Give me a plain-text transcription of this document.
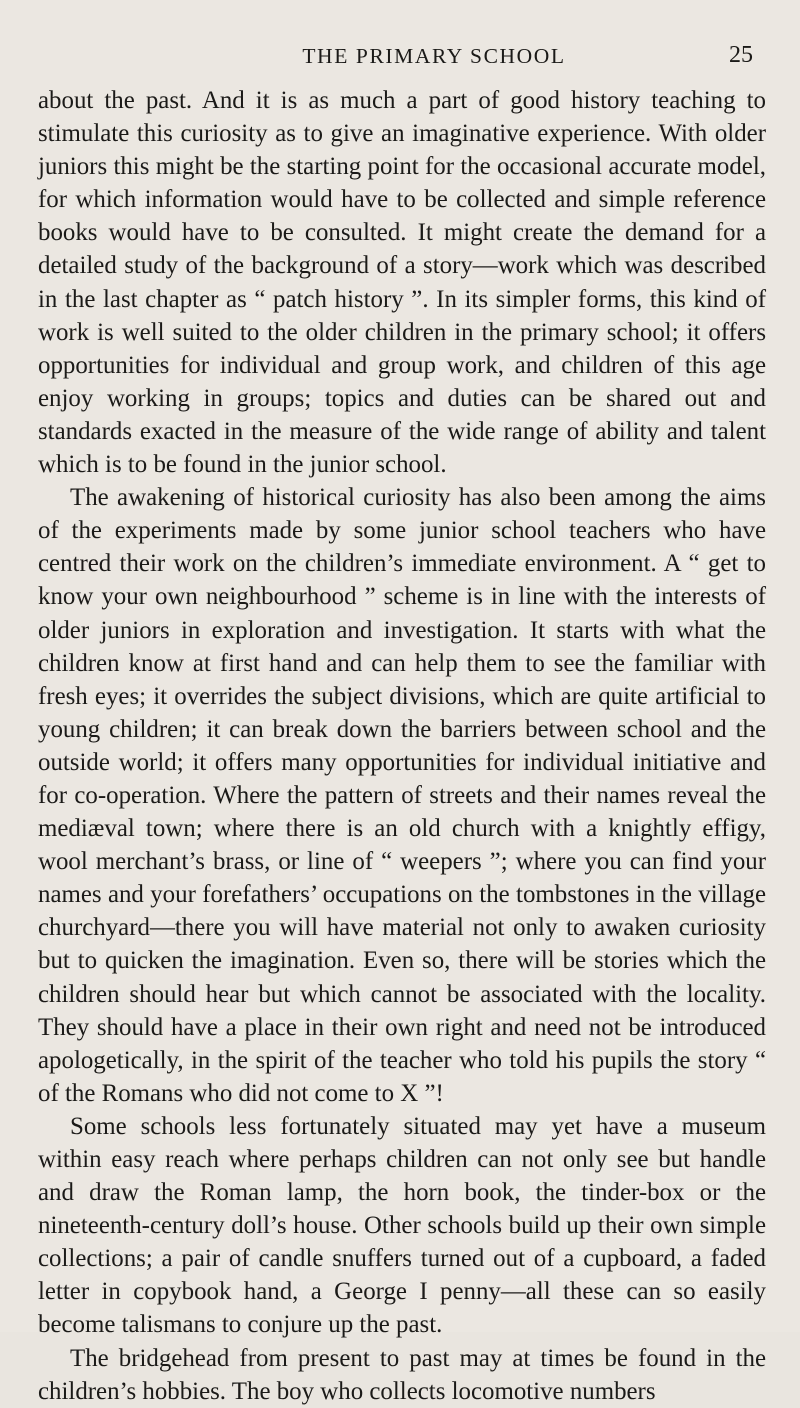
THE PRIMARY SCHOOL	25

about the past. And it is as much a part of good history teaching to stimulate this curiosity as to give an imaginative experience. With older juniors this might be the starting point for the occasional accurate model, for which information would have to be collected and simple reference books would have to be consulted. It might create the demand for a detailed study of the background of a story—work which was described in the last chapter as “ patch history ”. In its simpler forms, this kind of work is well suited to the older children in the primary school; it offers opportunities for individual and group work, and children of this age enjoy working in groups; topics and duties can be shared out and standards exacted in the measure of the wide range of ability and talent which is to be found in the junior school.

The awakening of historical curiosity has also been among the aims of the experiments made by some junior school teachers who have centred their work on the children’s immediate environment. A “ get to know your own neighbourhood ” scheme is in line with the interests of older juniors in exploration and investigation. It starts with what the children know at first hand and can help them to see the familiar with fresh eyes; it overrides the subject divisions, which are quite artificial to young children; it can break down the barriers between school and the outside world; it offers many opportunities for individual initiative and for co-operation. Where the pattern of streets and their names reveal the mediæval town; where there is an old church with a knightly effigy, wool merchant’s brass, or line of “ weepers ”; where you can find your names and your forefathers’ occupations on the tombstones in the village churchyard—there you will have material not only to awaken curiosity but to quicken the imagination. Even so, there will be stories which the children should hear but which cannot be associated with the locality. They should have a place in their own right and need not be introduced apologetically, in the spirit of the teacher who told his pupils the story “ of the Romans who did not come to X ”!

Some schools less fortunately situated may yet have a museum within easy reach where perhaps children can not only see but handle and draw the Roman lamp, the horn book, the tinder-box or the nineteenth-century doll’s house. Other schools build up their own simple collections; a pair of candle snuffers turned out of a cupboard, a faded letter in copybook hand, a George I penny—all these can so easily become talismans to conjure up the past.

The bridgehead from present to past may at times be found in the children’s hobbies. The boy who collects locomotive numbers
